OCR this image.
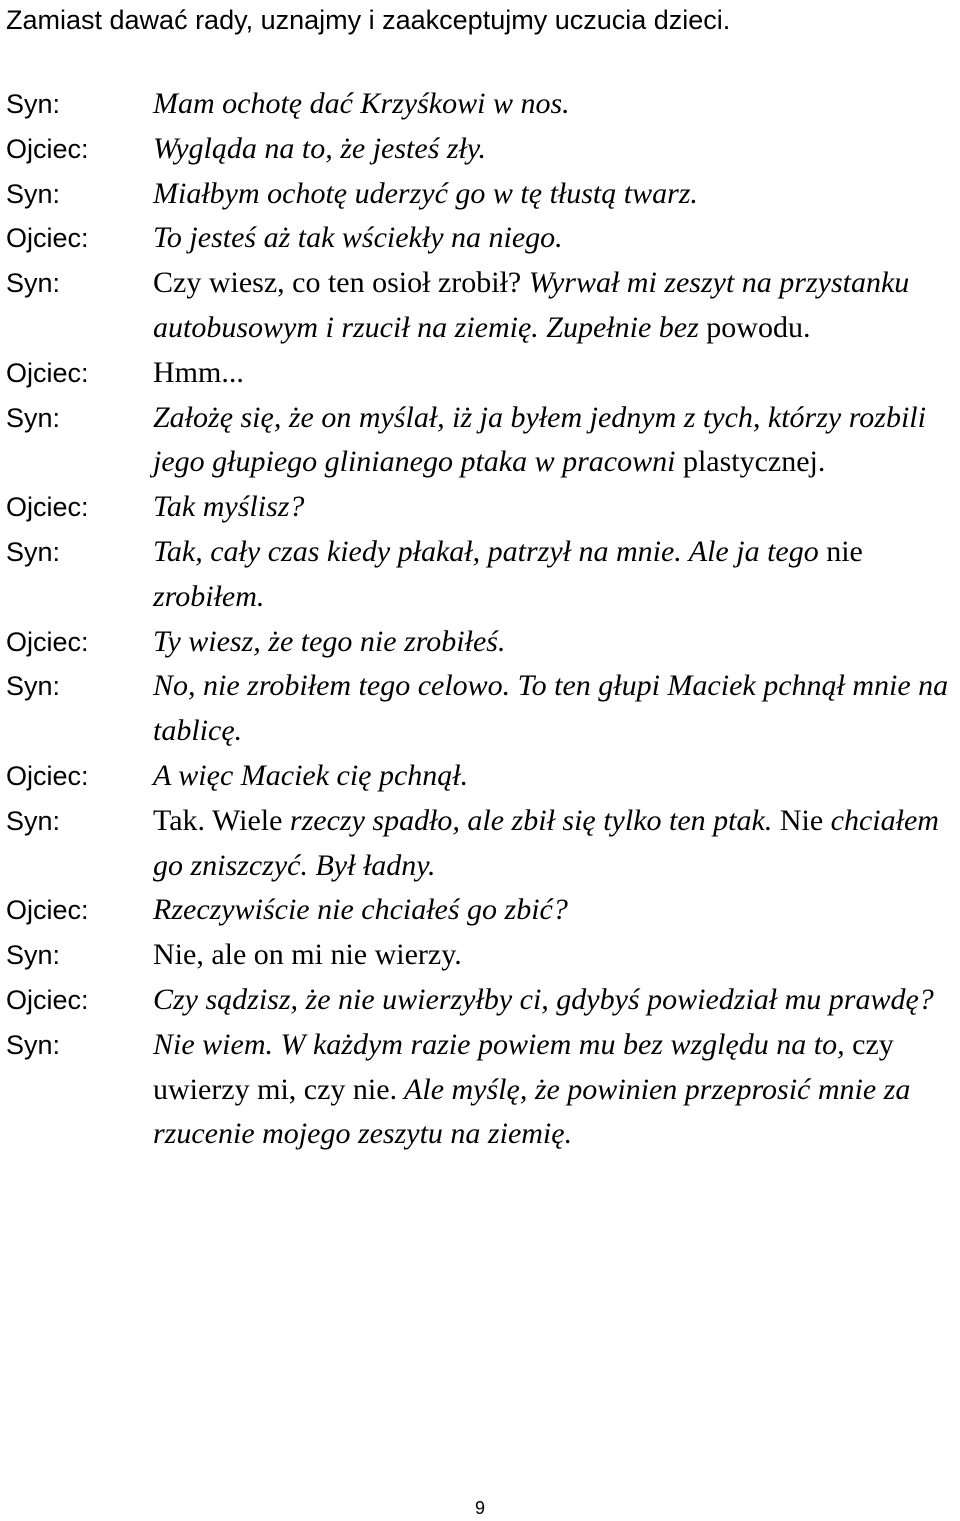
Zamiast dawać rady, uznajmy i zaakceptujmy uczucia dzieci.
Syn:	Mam ochotę dać Krzyśkowi w nos.
Ojciec:	Wygląda na to, że jesteś zły.
Syn:	Miałbym ochotę uderzyć go w tę tłustą twarz.
Ojciec:	To jesteś aż tak wściekły na niego.
Syn:	Czy wiesz, co ten osioł zrobił? Wyrwał mi zeszyt na przystanku autobusowym i rzucił na ziemię. Zupełnie bez powodu.
Ojciec:	Hmm...
Syn:	Założę się, że on myślał, iż ja byłem jednym z tych, którzy rozbili jego głupiego glinianego ptaka w pracowni plastycznej.
Ojciec:	Tak myślisz?
Syn:	Tak, cały czas kiedy płakał, patrzył na mnie. Ale ja tego nie zrobiłem.
Ojciec:	Ty wiesz, że tego nie zrobiłeś.
Syn:	No, nie zrobiłem tego celowo. To ten głupi Maciek pchnął mnie na tablicę.
Ojciec:	A więc Maciek cię pchnął.
Syn:	Tak. Wiele rzeczy spadło, ale zbił się tylko ten ptak. Nie chciałem go zniszczyć. Był ładny.
Ojciec:	Rzeczywiście nie chciałeś go zbić?
Syn:	Nie, ale on mi nie wierzy.
Ojciec:	Czy sądzisz, że nie uwierzyłby ci, gdybyś powiedział mu prawdę?
Syn:	Nie wiem. W każdym razie powiem mu bez względu na to, czy uwierzy mi, czy nie. Ale myślę, że powinien przeprosić mnie za rzucenie mojego zeszytu na ziemię.
9
